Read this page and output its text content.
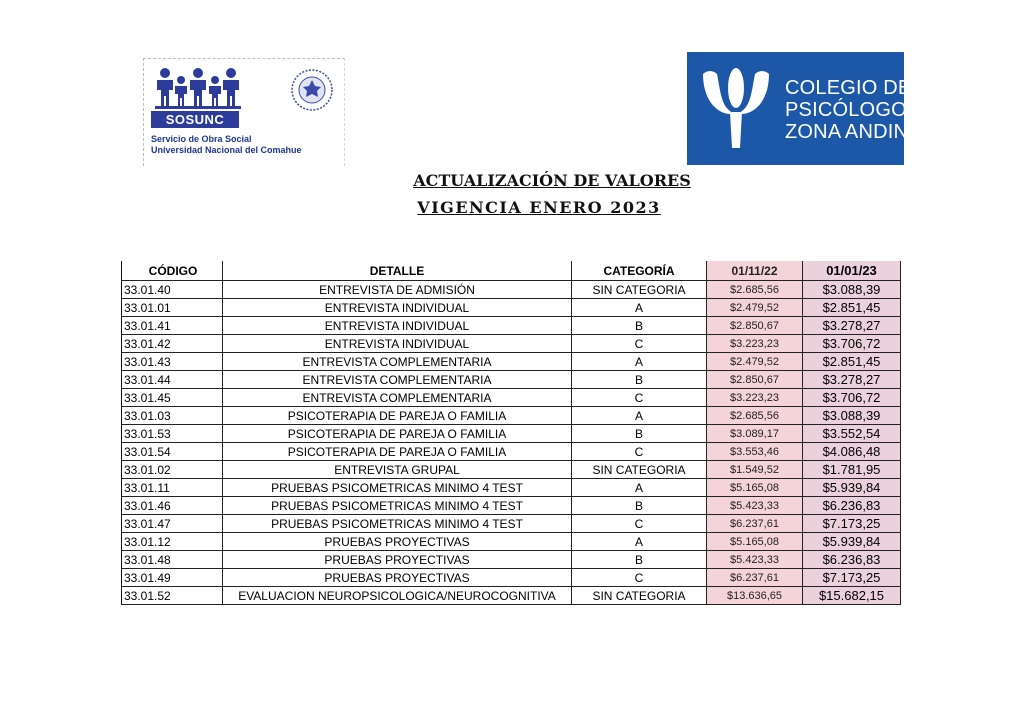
SOSUNC
Servicio de Obra Social
Universidad Nacional del Comahue
COLEGIO DE
PSICÓLOGOS
ZONA ANDINA
ACTUALIZACIÓN DE VALORES
VIGENCIA ENERO 2023
CÓDIGO	DETALLE	CATEGORÍA	01/11/22	01/01/23
33.01.40	ENTREVISTA DE ADMISIÓN	SIN CATEGORIA	$2.685,56	$3.088,39
33.01.01	ENTREVISTA INDIVIDUAL	A	$2.479,52	$2.851,45
33.01.41	ENTREVISTA INDIVIDUAL	B	$2.850,67	$3.278,27
33.01.42	ENTREVISTA INDIVIDUAL	C	$3.223,23	$3.706,72
33.01.43	ENTREVISTA COMPLEMENTARIA	A	$2.479,52	$2.851,45
33.01.44	ENTREVISTA COMPLEMENTARIA	B	$2.850,67	$3.278,27
33.01.45	ENTREVISTA COMPLEMENTARIA	C	$3.223,23	$3.706,72
33.01.03	PSICOTERAPIA DE PAREJA O FAMILIA	A	$2.685,56	$3.088,39
33.01.53	PSICOTERAPIA DE PAREJA O FAMILIA	B	$3.089,17	$3.552,54
33.01.54	PSICOTERAPIA DE PAREJA O FAMILIA	C	$3.553,46	$4.086,48
33.01.02	ENTREVISTA GRUPAL	SIN CATEGORIA	$1.549,52	$1.781,95
33.01.11	PRUEBAS PSICOMETRICAS MINIMO 4 TEST	A	$5.165,08	$5.939,84
33.01.46	PRUEBAS PSICOMETRICAS MINIMO 4 TEST	B	$5.423,33	$6.236,83
33.01.47	PRUEBAS PSICOMETRICAS MINIMO 4 TEST	C	$6.237,61	$7.173,25
33.01.12	PRUEBAS PROYECTIVAS	A	$5.165,08	$5.939,84
33.01.48	PRUEBAS PROYECTIVAS	B	$5.423,33	$6.236,83
33.01.49	PRUEBAS PROYECTIVAS	C	$6.237,61	$7.173,25
33.01.52	EVALUACION NEUROPSICOLOGICA/NEUROCOGNITIVA	SIN CATEGORIA	$13.636,65	$15.682,15
